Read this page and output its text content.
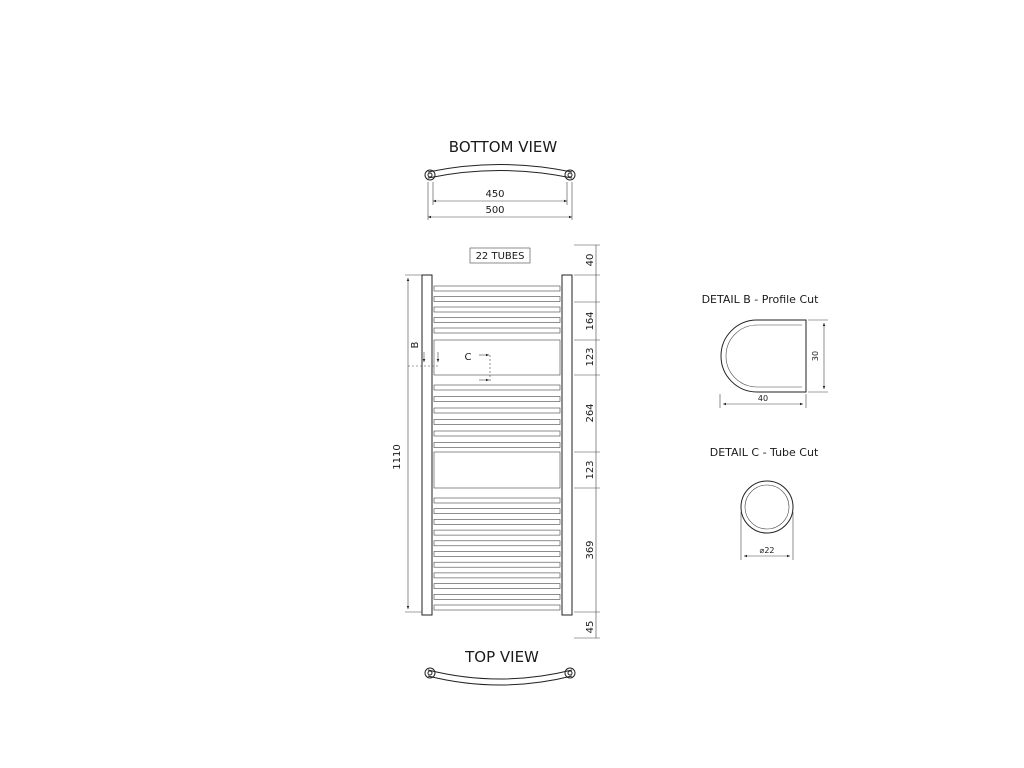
BOTTOM VIEW
450
500
22 TUBES
1110
B
C
TOP VIEW
DETAIL B - Profile Cut
30
40
DETAIL C - Tube Cut
⌀22
40
164
123
264
123
369
45
